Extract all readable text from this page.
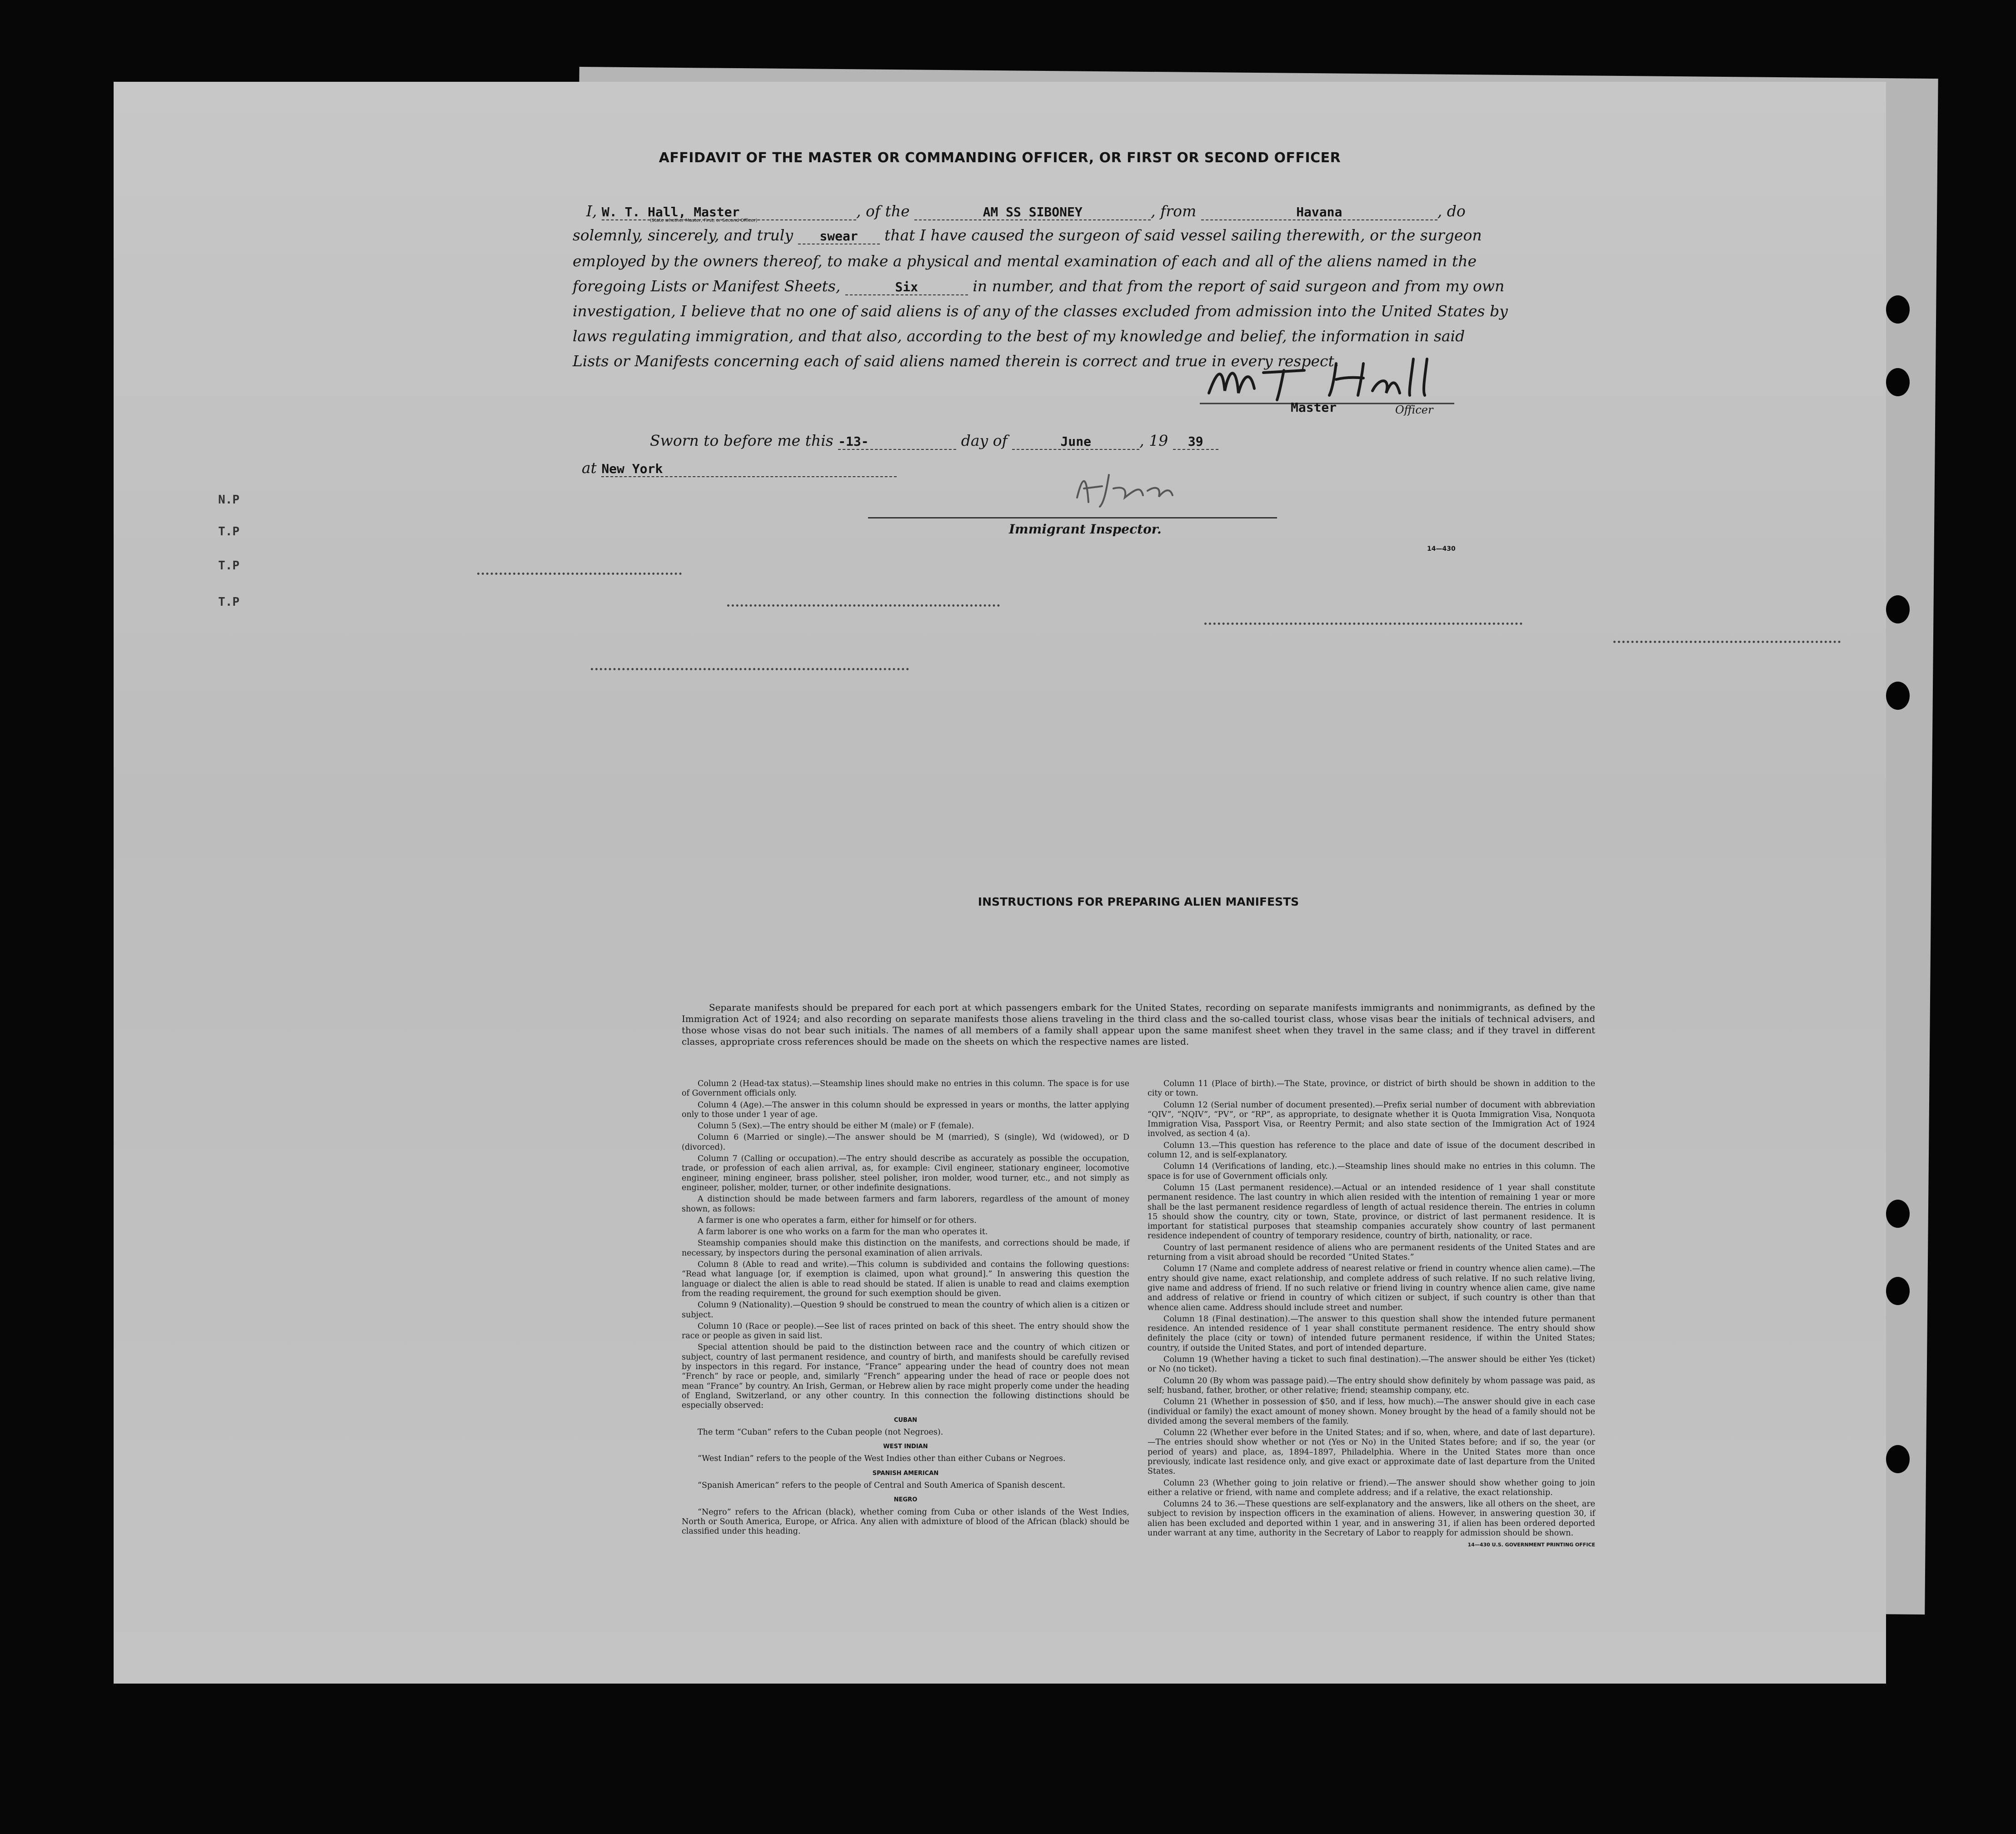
AFFIDAVIT OF THE MASTER OR COMMANDING OFFICER, OR FIRST OR SECOND OFFICER
I, W. T. Hall, Master	, of the	AM SS SIBONEY	, from	Havana	, do
(State whether Master, First, or Second Officer)
solemnly, sincerely, and truly swear that I have caused the surgeon of said vessel sailing therewith, or the surgeon
employed by the owners thereof, to make a physical and mental examination of each and all of the aliens named in the
foregoing Lists or Manifest Sheets,	Six	in number, and that from the report of said surgeon and from my own
investigation, I believe that no one of said aliens is of any of the classes excluded from admission into the United States by
laws regulating immigration, and that also, according to the best of my knowledge and belief, the information in said
Lists or Manifests concerning each of said aliens named therein is correct and true in every respect.
Master	Officer
Sworn to before me this -13-	day of	June	, 19 39
at New York
Immigrant Inspector.
14—430
N.P
T.P
T.P
T.P
INSTRUCTIONS FOR PREPARING ALIEN MANIFESTS

Separate manifests should be prepared for each port at which passengers embark for the United States, recording on separate manifests immigrants and nonimmigrants, as defined by the Immigration Act of 1924; and also recording on separate manifests those aliens traveling in the third class and the so-called tourist class, whose visas bear the initials of technical advisers, and those whose visas do not bear such initials. The names of all members of a family shall appear upon the same manifest sheet when they travel in the same class; and if they travel in different classes, appropriate cross references should be made on the sheets on which the respective names are listed.

Column 2 (Head-tax status).—Steamship lines should make no entries in this column. The space is for use of Government officials only.

Column 4 (Age).—The answer in this column should be expressed in years or months, the latter applying only to those under 1 year of age.

Column 5 (Sex).—The entry should be either M (male) or F (female).

Column 6 (Married or single).—The answer should be M (married), S (single), Wd (widowed), or D (divorced).

Column 7 (Calling or occupation).—The entry should describe as accurately as possible the occupation, trade, or profession of each alien arrival, as, for example: Civil engineer, stationary engineer, locomotive engineer, mining engineer, brass polisher, steel polisher, iron molder, wood turner, etc., and not simply as engineer, polisher, molder, turner, or other indefinite designations.

A distinction should be made between farmers and farm laborers, regardless of the amount of money shown, as follows:

A farmer is one who operates a farm, either for himself or for others.

A farm laborer is one who works on a farm for the man who operates it.

Steamship companies should make this distinction on the manifests, and corrections should be made, if necessary, by inspectors during the personal examination of alien arrivals.

Column 8 (Able to read and write).—This column is subdivided and contains the following questions: “Read what language [or, if exemption is claimed, upon what ground].” In answering this question the language or dialect the alien is able to read should be stated. If alien is unable to read and claims exemption from the reading requirement, the ground for such exemption should be given.

Column 9 (Nationality).—Question 9 should be construed to mean the country of which alien is a citizen or subject.

Column 10 (Race or people).—See list of races printed on back of this sheet. The entry should show the race or people as given in said list.

Special attention should be paid to the distinction between race and the country of which citizen or subject, country of last permanent residence, and country of birth, and manifests should be carefully revised by inspectors in this regard. For instance, “France” appearing under the head of country does not mean “French” by race or people, and, similarly “French” appearing under the head of race or people does not mean “France” by country. An Irish, German, or Hebrew alien by race might properly come under the heading of England, Switzerland, or any other country. In this connection the following distinctions should be especially observed:

CUBAN

The term “Cuban” refers to the Cuban people (not Negroes).

WEST INDIAN

“West Indian” refers to the people of the West Indies other than either Cubans or Negroes.

SPANISH AMERICAN

“Spanish American” refers to the people of Central and South America of Spanish descent.

NEGRO

“Negro” refers to the African (black), whether coming from Cuba or other islands of the West Indies, North or South America, Europe, or Africa. Any alien with admixture of blood of the African (black) should be classified under this heading.

Column 11 (Place of birth).—The State, province, or district of birth should be shown in addition to the city or town.

Column 12 (Serial number of document presented).—Prefix serial number of document with abbreviation “QIV”, “NQIV”, “PV”, or “RP”, as appropriate, to designate whether it is Quota Immigration Visa, Nonquota Immigration Visa, Passport Visa, or Reentry Permit; and also state section of the Immigration Act of 1924 involved, as section 4 (a).

Column 13.—This question has reference to the place and date of issue of the document described in column 12, and is self-explanatory.

Column 14 (Verifications of landing, etc.).—Steamship lines should make no entries in this column. The space is for use of Government officials only.

Column 15 (Last permanent residence).—Actual or an intended residence of 1 year shall constitute permanent residence. The last country in which alien resided with the intention of remaining 1 year or more shall be the last permanent residence regardless of length of actual residence therein. The entries in column 15 should show the country, city or town, State, province, or district of last permanent residence. It is important for statistical purposes that steamship companies accurately show country of last permanent residence independent of country of temporary residence, country of birth, nationality, or race.

Country of last permanent residence of aliens who are permanent residents of the United States and are returning from a visit abroad should be recorded “United States.”

Column 17 (Name and complete address of nearest relative or friend in country whence alien came).—The entry should give name, exact relationship, and complete address of such relative. If no such relative living, give name and address of friend. If no such relative or friend living in country whence alien came, give name and address of relative or friend in country of which citizen or subject, if such country is other than that whence alien came. Address should include street and number.

Column 18 (Final destination).—The answer to this question shall show the intended future permanent residence. An intended residence of 1 year shall constitute permanent residence. The entry should show definitely the place (city or town) of intended future permanent residence, if within the United States; country, if outside the United States, and port of intended departure.

Column 19 (Whether having a ticket to such final destination).—The answer should be either Yes (ticket) or No (no ticket).

Column 20 (By whom was passage paid).—The entry should show definitely by whom passage was paid, as self; husband, father, brother, or other relative; friend; steamship company, etc.

Column 21 (Whether in possession of $50, and if less, how much).—The answer should give in each case (individual or family) the exact amount of money shown. Money brought by the head of a family should not be divided among the several members of the family.

Column 22 (Whether ever before in the United States; and if so, when, where, and date of last departure).—The entries should show whether or not (Yes or No) in the United States before; and if so, the year (or period of years) and place, as, 1894–1897, Philadelphia. Where in the United States more than once previously, indicate last residence only, and give exact or approximate date of last departure from the United States.

Column 23 (Whether going to join relative or friend).—The answer should show whether going to join either a relative or friend, with name and complete address; and if a relative, the exact relationship.

Columns 24 to 36.—These questions are self-explanatory and the answers, like all others on the sheet, are subject to revision by inspection officers in the examination of aliens. However, in answering question 30, if alien has been excluded and deported within 1 year, and in answering 31, if alien has been ordered deported under warrant at any time, authority in the Secretary of Labor to reapply for admission should be shown.

14—430 U.S. GOVERNMENT PRINTING OFFICE
